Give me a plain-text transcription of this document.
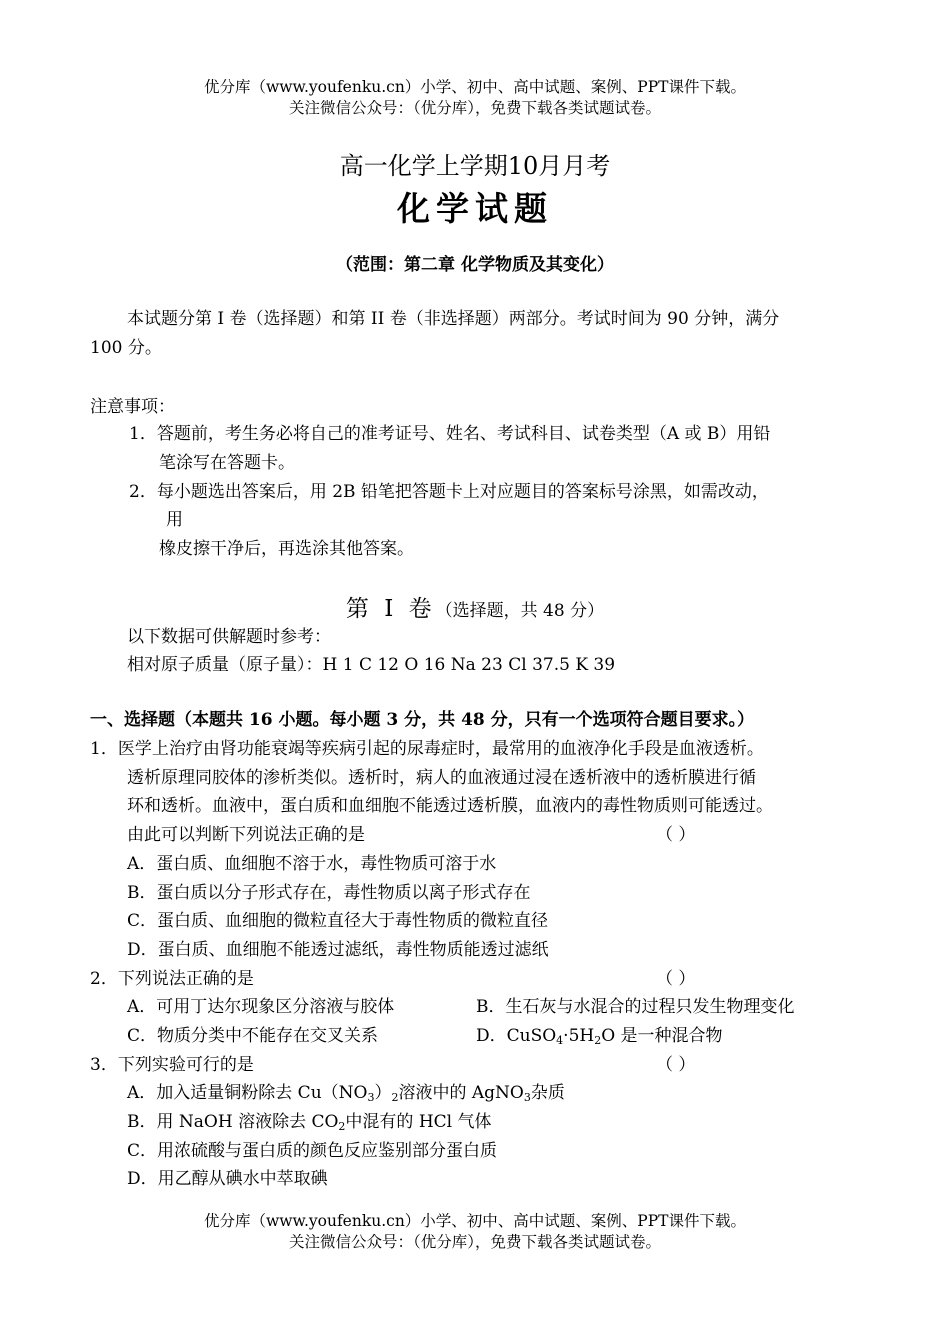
优分库（www.youfenku.cn）小学、初中、高中试题、案例、PPT课件下载。
关注微信公众号：（优分库），免费下载各类试题试卷。
高一化学上学期10月月考
化学试题
（范围：第二章 化学物质及其变化）
本试题分第 I 卷（选择题）和第 II 卷（非选择题）两部分。考试时间为 90 分钟，满分
100 分。
注意事项：
1．答题前，考生务必将自己的准考证号、姓名、考试科目、试卷类型（A 或 B）用铅
笔涂写在答题卡。
2．每小题选出答案后，用 2B 铅笔把答题卡上对应题目的答案标号涂黑，如需改动，
用
橡皮擦干净后，再选涂其他答案。
第 Ⅰ 卷（选择题，共 48 分）
以下数据可供解题时参考：
相对原子质量（原子量）：H 1 C 12 O 16 Na 23 Cl 37.5 K 39
一、选择题（本题共 16 小题。每小题 3 分，共 48 分，只有一个选项符合题目要求。）
1．医学上治疗由肾功能衰竭等疾病引起的尿毒症时，最常用的血液净化手段是血液透析。
透析原理同胶体的渗析类似。透析时，病人的血液通过浸在透析液中的透析膜进行循
环和透析。血液中，蛋白质和血细胞不能透过透析膜，血液内的毒性物质则可能透过。
由此可以判断下列说法正确的是	（ ）
A．蛋白质、血细胞不溶于水，毒性物质可溶于水
B．蛋白质以分子形式存在，毒性物质以离子形式存在
C．蛋白质、血细胞的微粒直径大于毒性物质的微粒直径
D．蛋白质、血细胞不能透过滤纸，毒性物质能透过滤纸
2．下列说法正确的是	（ ）
A．可用丁达尔现象区分溶液与胶体	B．生石灰与水混合的过程只发生物理变化
C．物质分类中不能存在交叉关系	D．$CuSO_4\cdot 5H_2O$ 是一种混合物
3．下列实验可行的是	（ ）
A．加入适量铜粉除去 $Cu(NO_3)_2$溶液中的 AgNO$_3$杂质
B．用 NaOH 溶液除去 $CO_2$中混有的 HCl 气体
C．用浓硫酸与蛋白质的颜色反应鉴别部分蛋白质
D．用乙醇从碘水中萃取碘
优分库（www.youfenku.cn）小学、初中、高中试题、案例、PPT课件下载。
关注微信公众号：（优分库），免费下载各类试题试卷。
